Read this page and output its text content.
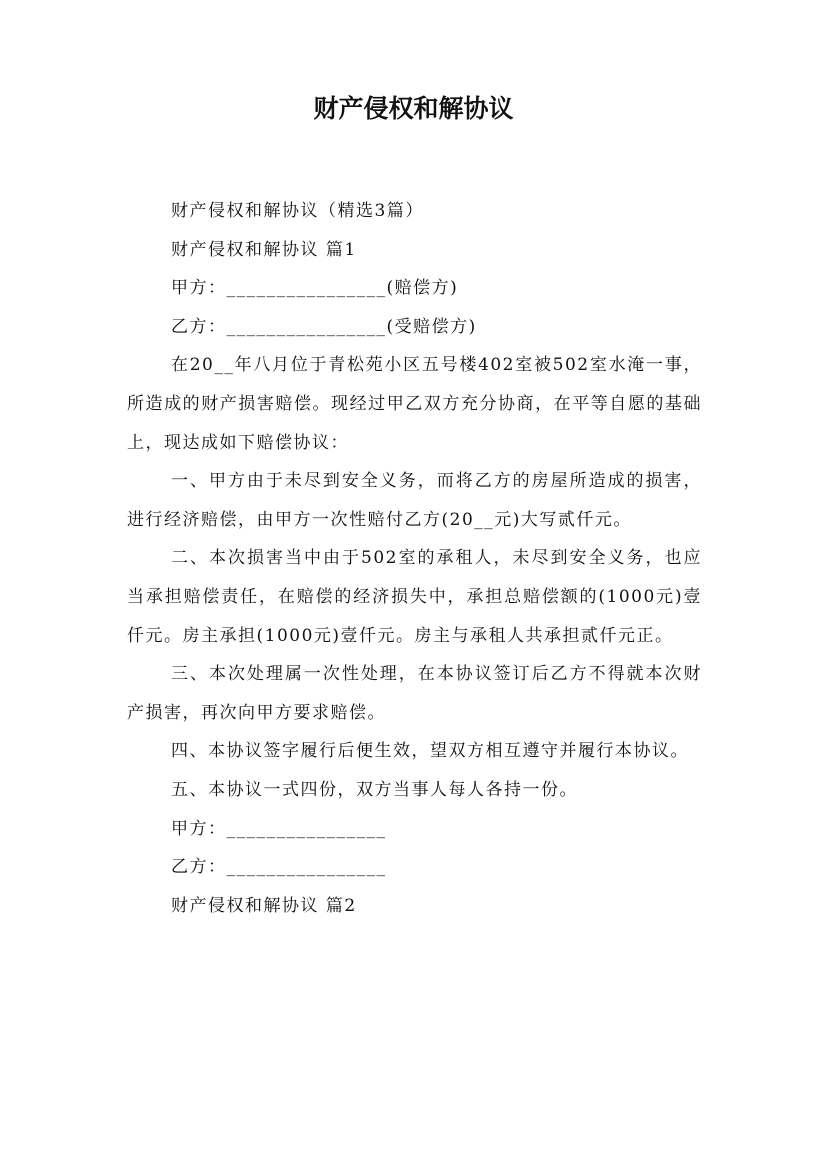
财产侵权和解协议

财产侵权和解协议（精选3篇）

财产侵权和解协议 篇1

甲方：________________(赔偿方)

乙方：________________(受赔偿方)

在20__年八月位于青松苑小区五号楼402室被502室水淹一事，所造成的财产损害赔偿。现经过甲乙双方充分协商，在平等自愿的基础上，现达成如下赔偿协议：

一、甲方由于未尽到安全义务，而将乙方的房屋所造成的损害，进行经济赔偿，由甲方一次性赔付乙方(20__元)大写贰仟元。

二、本次损害当中由于502室的承租人，未尽到安全义务，也应当承担赔偿责任，在赔偿的经济损失中，承担总赔偿额的(1000元)壹仟元。房主承担(1000元)壹仟元。房主与承租人共承担贰仟元正。

三、本次处理属一次性处理，在本协议签订后乙方不得就本次财产损害，再次向甲方要求赔偿。

四、本协议签字履行后便生效，望双方相互遵守并履行本协议。

五、本协议一式四份，双方当事人每人各持一份。

甲方：________________

乙方：________________

财产侵权和解协议 篇2
